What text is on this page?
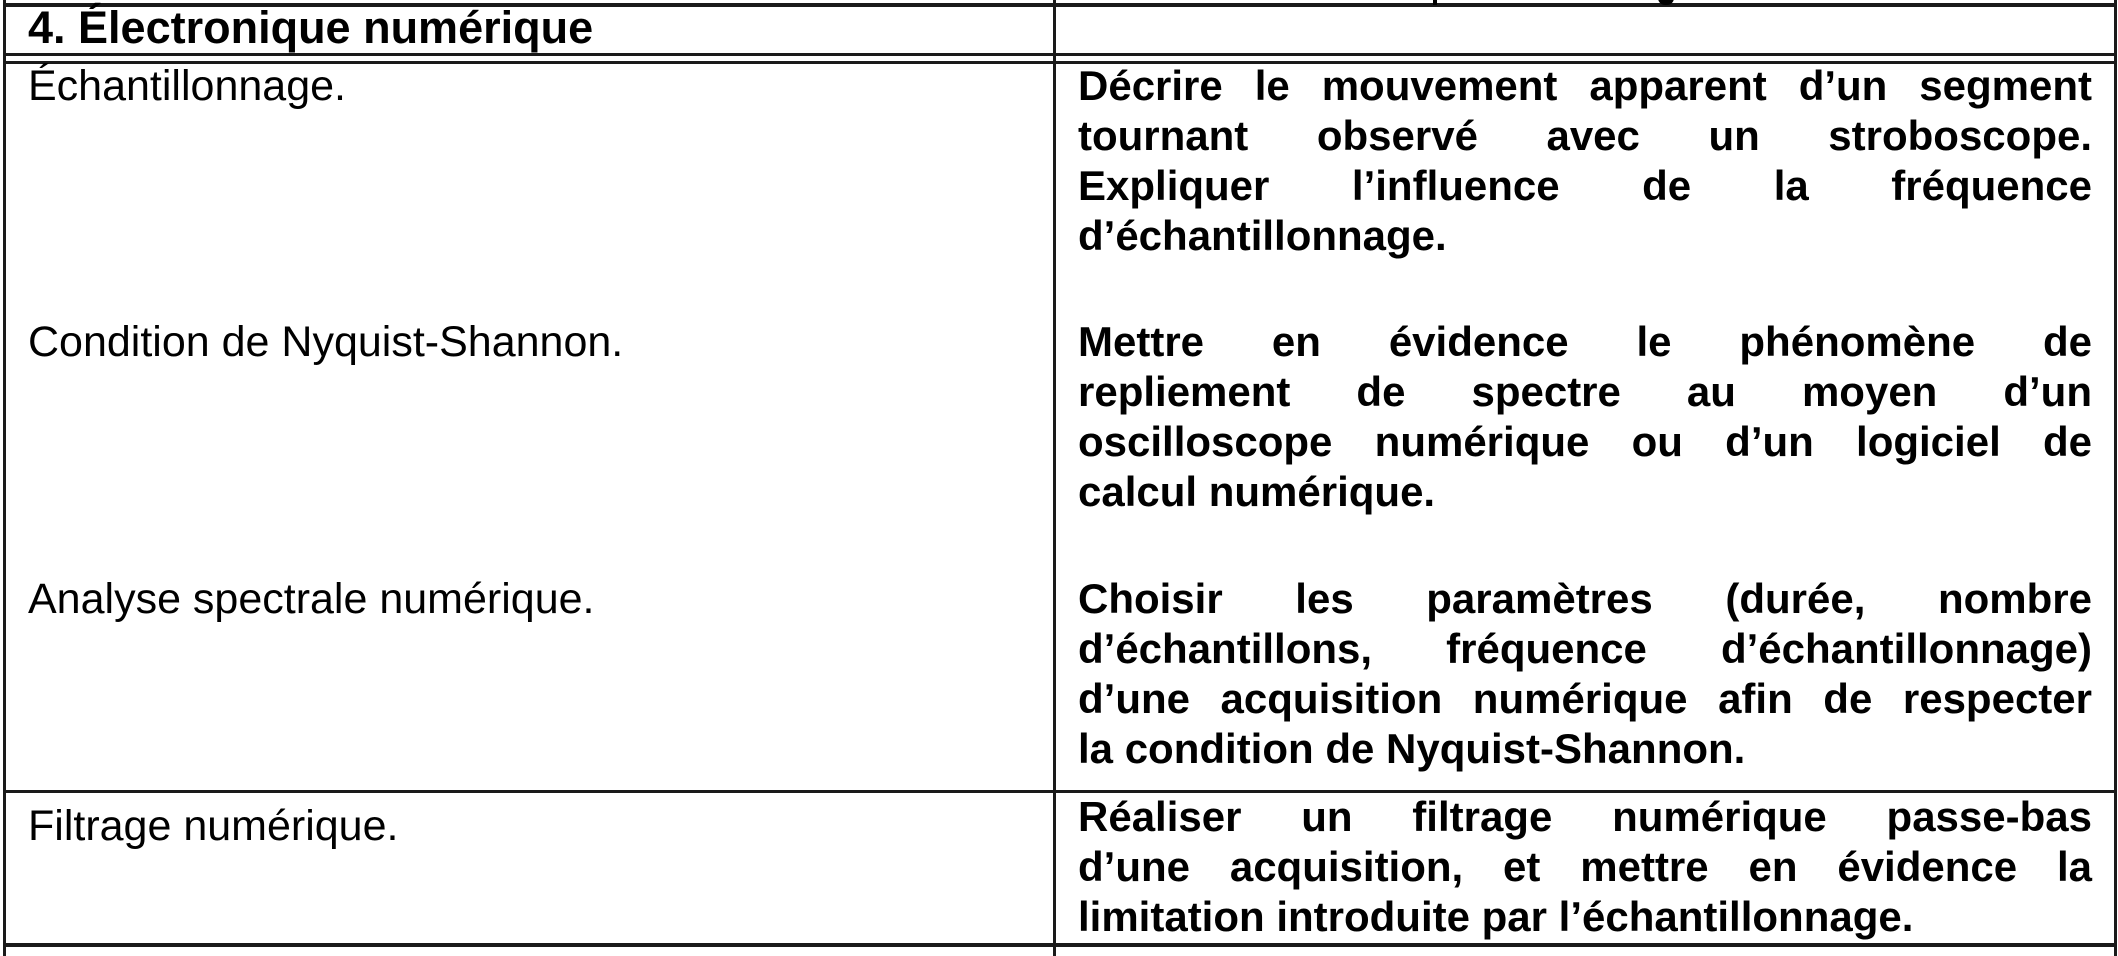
4. Électronique numérique
Échantillonnage.
Condition de Nyquist-Shannon.
Analyse spectrale numérique.
Filtrage numérique.
Décrire le mouvement apparent d’un segment
tournant observé avec un stroboscope.
Expliquer l’influence de la fréquence
d’échantillonnage.
Mettre en évidence le phénomène de
repliement de spectre au moyen d’un
oscilloscope numérique ou d’un logiciel de
calcul numérique.
Choisir les paramètres (durée, nombre
d’échantillons, fréquence d’échantillonnage)
d’une acquisition numérique afin de respecter
la condition de Nyquist-Shannon.
Réaliser un filtrage numérique passe-bas
d’une acquisition, et mettre en évidence la
limitation introduite par l’échantillonnage.
